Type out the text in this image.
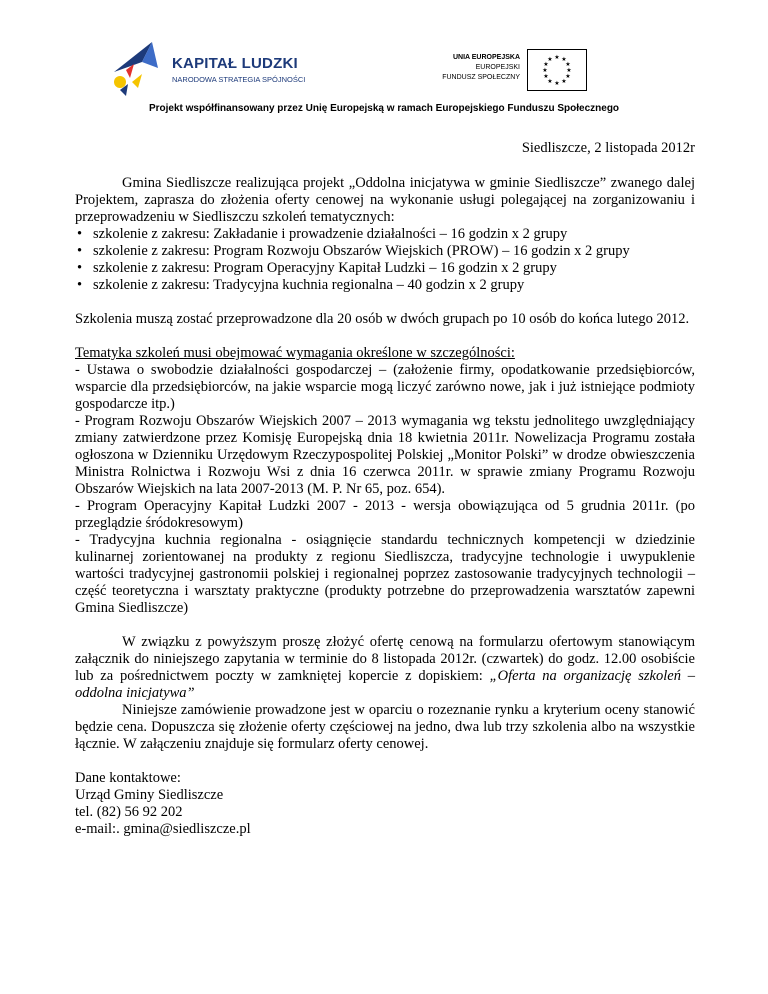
KAPITAŁ LUDZKI
NARODOWA STRATEGIA SPÓJNOŚCI
UNIA EUROPEJSKA
EUROPEJSKI
FUNDUSZ SPOŁECZNY
★ ★
★
★
★
★
★
★
★
★
★
★
Projekt współfinansowany przez Unię Europejską w ramach Europejskiego Funduszu Społecznego
Siedliszcze, 2 listopada 2012r

Gmina Siedliszcze realizująca projekt „Oddolna inicjatywa w gminie Siedliszcze” zwanego dalej Projektem, zaprasza do złożenia oferty cenowej na wykonanie usługi polegającej na zorganizowaniu i przeprowadzeniu w Siedliszczu szkoleń tematycznych:

• szkolenie z zakresu: Zakładanie i prowadzenie działalności – 16 godzin x 2 grupy
• szkolenie z zakresu: Program Rozwoju Obszarów Wiejskich (PROW) – 16 godzin x 2 grupy
• szkolenie z zakresu: Program Operacyjny Kapitał Ludzki – 16 godzin x 2 grupy
• szkolenie z zakresu: Tradycyjna kuchnia regionalna – 40 godzin x 2 grupy

Szkolenia muszą zostać przeprowadzone dla 20 osób w dwóch grupach po 10 osób do końca lutego 2012.

Tematyka szkoleń musi obejmować wymagania określone w szczególności:

- Ustawa o swobodzie działalności gospodarczej – (założenie firmy, opodatkowanie przedsiębiorców, wsparcie dla przedsiębiorców, na jakie wsparcie mogą liczyć zarówno nowe, jak i już istniejące podmioty gospodarcze itp.)

- Program Rozwoju Obszarów Wiejskich 2007 – 2013 wymagania wg tekstu jednolitego uwzględniający zmiany zatwierdzone przez Komisję Europejską dnia 18 kwietnia 2011r. Nowelizacja Programu została ogłoszona w Dzienniku Urzędowym Rzeczypospolitej Polskiej „Monitor Polski” w drodze obwieszczenia Ministra Rolnictwa i Rozwoju Wsi z dnia 16 czerwca 2011r. w sprawie zmiany Programu Rozwoju Obszarów Wiejskich na lata 2007-2013 (M. P. Nr 65, poz. 654).

- Program Operacyjny Kapitał Ludzki 2007 - 2013 - wersja obowiązująca od 5 grudnia 2011r. (po przeglądzie śródokresowym)

- Tradycyjna kuchnia regionalna - osiągnięcie standardu technicznych kompetencji w dziedzinie kulinarnej zorientowanej na produkty z regionu Siedliszcza, tradycyjne technologie i uwypuklenie wartości tradycyjnej gastronomii polskiej i regionalnej poprzez zastosowanie tradycyjnych technologii – część teoretyczna i warsztaty praktyczne (produkty potrzebne do przeprowadzenia warsztatów zapewni Gmina Siedliszcze)

W związku z powyższym proszę złożyć ofertę cenową na formularzu ofertowym stanowiącym załącznik do niniejszego zapytania w terminie do 8 listopada 2012r. (czwartek) do godz. 12.00 osobiście lub za pośrednictwem poczty w zamkniętej kopercie z dopiskiem: „Oferta na organizację szkoleń – oddolna inicjatywa”

Niniejsze zamówienie prowadzone jest w oparciu o rozeznanie rynku a kryterium oceny stanowić będzie cena. Dopuszcza się złożenie oferty częściowej na jedno, dwa lub trzy szkolenia albo na wszystkie łącznie. W załączeniu znajduje się formularz oferty cenowej.

Dane kontaktowe:
Urząd Gminy Siedliszcze
tel. (82) 56 92 202
e-mail:. gmina@siedliszcze.pl
